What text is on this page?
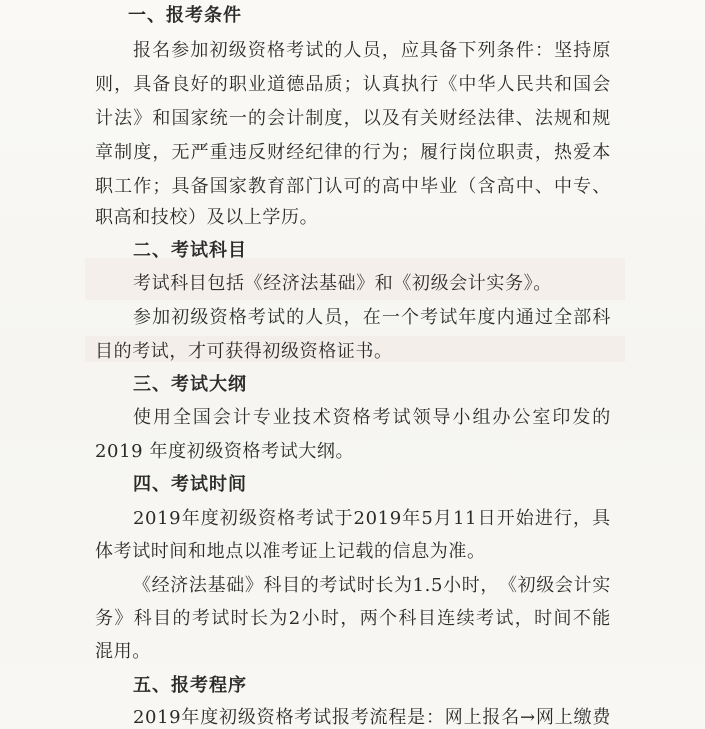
一、报考条件
报 名 参 加 初 级 资 格 考 试 的 人 员 ， 应 具 备 下 列 条 件 ： 坚 持 原
则 ， 具 备 良 好 的 职 业 道 德 品 质 ； 认 真 执 行 《 中 华 人 民 共 和 国 会
计 法 》 和 国 家 统 一 的 会 计 制 度 ， 以 及 有 关 财 经 法 律 、 法 规 和 规
章 制 度 ， 无 严 重 违 反 财 经 纪 律 的 行 为 ； 履 行 岗 位 职 责 ， 热 爱 本
职 工 作 ； 具 备 国 家 教 育 部 门 认 可 的 高 中 毕 业 （ 含 高 中 、 中 专 、
职高和技校）及以上学历。
二、考试科目
考试科目包括《经济法基础》和《初级会计实务》。
参 加 初 级 资 格 考 试 的 人 员 ， 在 一 个 考 试 年 度 内 通 过 全 部 科
目的考试，才可获得初级资格证书。
三、考试大纲
使 用 全 国 会 计 专 业 技 术 资 格 考 试 领 导 小 组 办 公 室 印 发 的
2019 年度初级资格考试大纲。
四、考试时间
2019 年 度 初 级 资 格 考 试 于 2019 年 5 月 11 日 开 始 进 行 ， 具
体考试时间和地点以准考证上记载的信息为准。
《 经 济 法 基 础 》 科 目 的 考 试 时 长 为 1.5 小 时 ， 《 初 级 会 计 实
务 》 科 目 的 考 试 时 长 为 2 小 时 ， 两 个 科 目 连 续 考 试 ， 时 间 不 能
混用。
五、报考程序
2019 年 度 初 级 资 格 考 试 报 考 流 程 是 ： 网 上 报 名 → 网 上 缴 费
